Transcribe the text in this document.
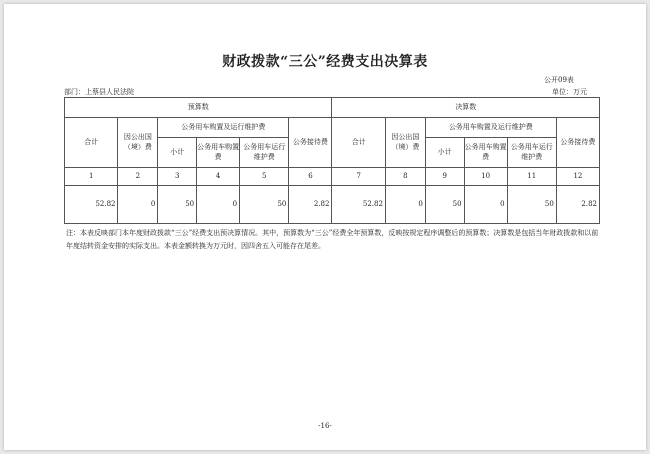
财政拨款“三公”经费支出决算表
公开09表
部门：上蔡县人民法院	单位：万元
预算数						决算数					
合计	因公出国（境）费	公务用车购置及运行维护费			公务接待费	合计	因公出国（境）费	公务用车购置及运行维护费			公务接待费
		小计	公务用车购置费	公务用车运行维护费				小计	公务用车购置费	公务用车运行维护费	
1	2	3	4	5	6	7	8	9	10	11	12
52.82	0	50	0	50	2.82	52.82	0	50	0	50	2.82
注：本表反映部门本年度财政拨款“三公”经费支出预决算情况。其中，预算数为“三公”经费全年预算数，反映按规定程序调整后的预算数；决算数是包括当年财政拨款和以前年度结转资金安排的实际支出。本表金额转换为万元时，因四舍五入可能存在尾差。
-16-
